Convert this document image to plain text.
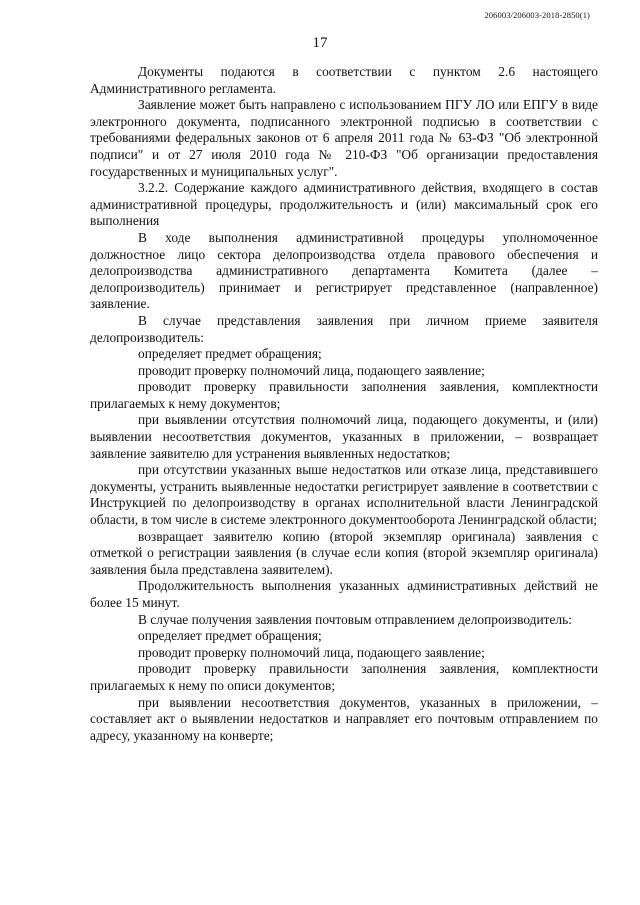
206003/206003-2018-2850(1)
17

Документы подаются в соответствии с пунктом 2.6 настоящего Административного регламента.

Заявление может быть направлено с использованием ПГУ ЛО или ЕПГУ в виде электронного документа, подписанного электронной подписью в соответствии с требованиями федеральных законов от 6 апреля 2011 года № 63-ФЗ "Об электронной подписи" и от 27 июля 2010 года № 210-ФЗ "Об организации предоставления государственных и муниципальных услуг".

3.2.2. Содержание каждого административного действия, входящего в состав административной процедуры, продолжительность и (или) максимальный срок его выполнения

В ходе выполнения административной процедуры уполномоченное должностное лицо сектора делопроизводства отдела правового обеспечения и делопроизводства административного департамента Комитета (далее – делопроизводитель) принимает и регистрирует представленное (направленное) заявление.

В случае представления заявления при личном приеме заявителя делопроизводитель:

определяет предмет обращения;

проводит проверку полномочий лица, подающего заявление;

проводит проверку правильности заполнения заявления, комплектности прилагаемых к нему документов;

при выявлении отсутствия полномочий лица, подающего документы, и (или) выявлении несоответствия документов, указанных в приложении, – возвращает заявление заявителю для устранения выявленных недостатков;

при отсутствии указанных выше недостатков или отказе лица, представившего документы, устранить выявленные недостатки регистрирует заявление в соответствии с Инструкцией по делопроизводству в органах исполнительной власти Ленинградской области, в том числе в системе электронного документооборота Ленинградской области;

возвращает заявителю копию (второй экземпляр оригинала) заявления с отметкой о регистрации заявления (в случае если копия (второй экземпляр оригинала) заявления была представлена заявителем).

Продолжительность выполнения указанных административных действий не более 15 минут.

В случае получения заявления почтовым отправлением делопроизводитель:

определяет предмет обращения;

проводит проверку полномочий лица, подающего заявление;

проводит проверку правильности заполнения заявления, комплектности прилагаемых к нему по описи документов;

при выявлении несоответствия документов, указанных в приложении, – составляет акт о выявлении недостатков и направляет его почтовым отправлением по адресу, указанному на конверте;
